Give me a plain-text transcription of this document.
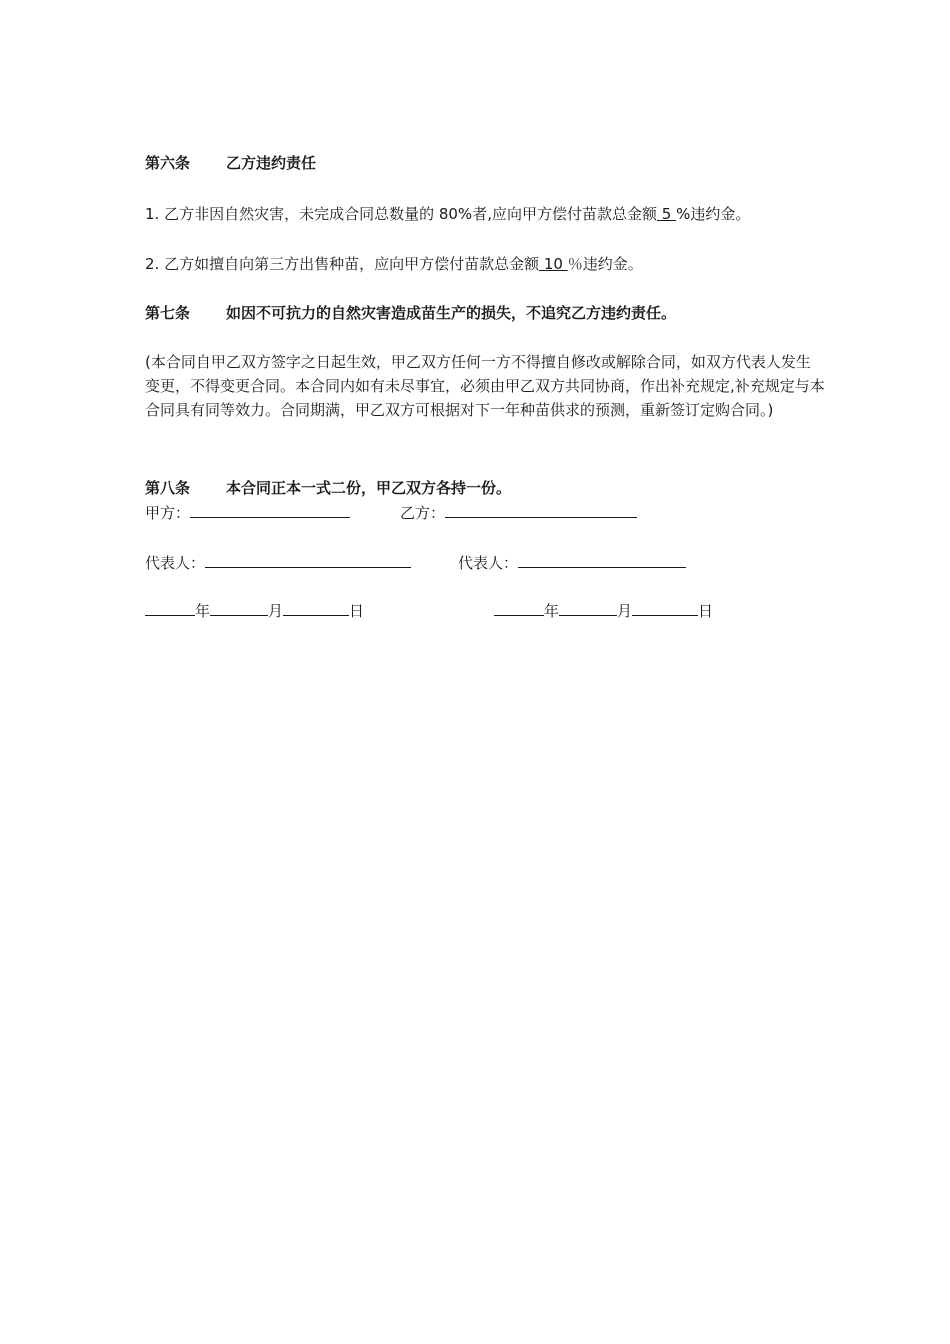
第六条 乙方违约责任

1. 乙方非因自然灾害，未完成合同总数量的 80%者,应向甲方偿付苗款总金额 5 %违约金。

2. 乙方如擅自向第三方出售种苗，应向甲方偿付苗款总金额 10 ％违约金。

第七条 如因不可抗力的自然灾害造成苗生产的损失，不追究乙方违约责任。

(本合同自甲乙双方签字之日起生效，甲乙双方任何一方不得擅自修改或解除合同，如双方代表人发生变更，不得变更合同。本合同内如有未尽事宜，必须由甲乙双方共同协商，作出补充规定,补充规定与本合同具有同等效力。合同期满，甲乙双方可根据对下一年种苗供求的预测，重新签订定购合同。)

第八条 本合同正本一式二份，甲乙双方各持一份。

甲方：	乙方：
代表人：	代表人：
年	月	日	年	月	日
